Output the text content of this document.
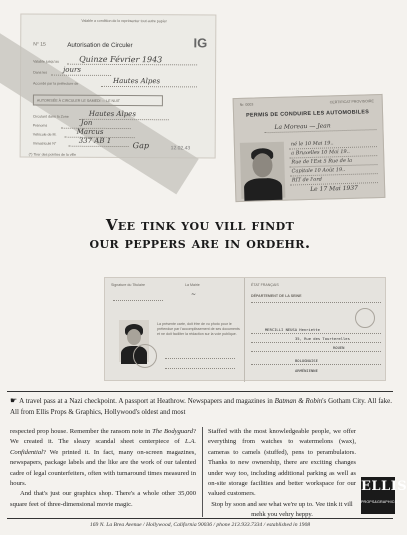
Valable a condition de le représenter tout autre papier
N° 15	Autorisation de Circuler	IG
Valable jusqu'au Quinze Février 1943
Dans les jours
Accordé par la préfecture de	Hautes Alpes
AUTORISÉE À CIRCULER LE SAMEDI — LE NUIT
Circulant dans la Zone	Hautes Alpes
Prénoms	Jon
Véhicule de M.	Marcus
Immatriculé N°	337 AB 1
Gap	12.02.43
(*) Tirer des pointes de la ville
Nr. 0003
CERTIFICAT PROVISOIRE
PERMIS DE CONDUIRE LES AUTOMOBILES
La Moreau — Jean
né le 10 Mai 19..
a Bruxelles 10 Mai 19..
Rue de l'Est 5 Rue de la
Capitale 10 Août 19..
RIT de l'ord
Le 17 Mai 1937
Vee tink you vill findt
our peppers are in ordehr.
Signature du Titulaire	La Mairie
~
La présente carte, doit être de vu photo pour le prétendue par l'accomplissement de ses documents et ne doit faciliter la rédaction sur la voie publique.
ÉTAT FRANÇAIS
DÉPARTEMENT DE LA SEINE
MERCILLI NEUSA Henriette
35, Rue des Tourterelles
ROUEN
BOLOGNAISE
ARMÉNIENNE

☛ A travel pass at a Nazi checkpoint. A passport at Heathrow. Newspapers and magazines in Batman & Robin's Gotham City. All fake. All from Ellis Props & Graphics, Hollywood's oldest and most

respected prop house. Remember the ransom note in The Bodyguard? We created it. The sleazy scandal sheet centerpiece of L.A. Confidential? We printed it. In fact, many on-screen magazines, newspapers, package labels and the like are the work of our talented cadre of legal counterfeiters, often with turnaround times measured in hours.

And that's just our graphics shop. There's a whole other 35,000 square feet of three-dimensional movie magic.

Staffed with the most knowledgeable people, we offer everything from watches to watermelons (wax), cameras to camels (stuffed), pens to perambulators. Thanks to new ownership, there are exciting changes under way too, including additional parking as well as on-site storage facilities and better workspace for our valued customers.

Stop by soon and see what we're up to. Vee tink it vill mehk you vehry heppy.

ELLIS
PROPS&GRAPHICS
169 N. La Brea Avenue / Hollywood, California 90036 / phone 213.933.7334 / established in 1908
